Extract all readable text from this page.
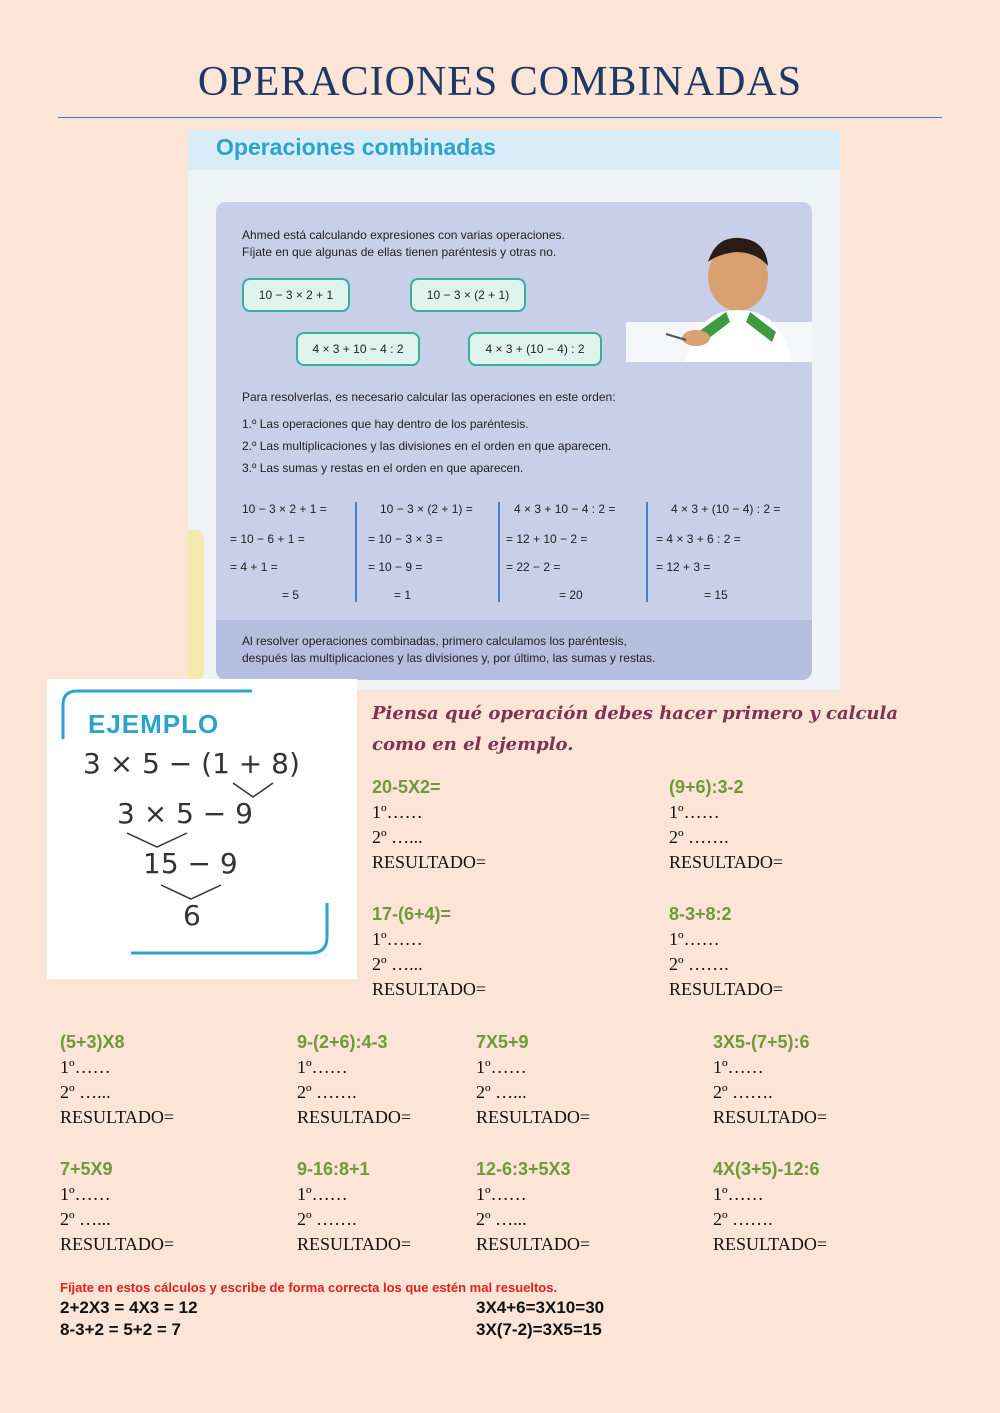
OPERACIONES COMBINADAS
Operaciones combinadas
Ahmed está calculando expresiones con varias operaciones.
Fíjate en que algunas de ellas tienen paréntesis y otras no.
10 − 3 × 2 + 1	10 − 3 × (2 + 1)
4 × 3 + 10 − 4 : 2	4 × 3 + (10 − 4) : 2
Para resolverlas, es necesario calcular las operaciones en este orden:
1.º Las operaciones que hay dentro de los paréntesis.
2.º Las multiplicaciones y las divisiones en el orden en que aparecen.
3.º Las sumas y restas en el orden en que aparecen.
10 − 3 × 2 + 1 =
= 10 − 6 + 1 =
= 4 + 1 =
= 5
10 − 3 × (2 + 1) =
= 10 − 3 × 3 =
= 10 − 9 =
= 1
4 × 3 + 10 − 4 : 2 =
= 12 + 10 − 2 =
= 22 − 2 =
= 20
4 × 3 + (10 − 4) : 2 =
= 4 × 3 + 6 : 2 =
= 12 + 3 =
= 15
Al resolver operaciones combinadas, primero calculamos los paréntesis,
después las multiplicaciones y las divisiones y, por último, las sumas y restas.
EJEMPLO
3 × 5 − (1 + 8)
3 × 5 − 9
15 − 9
6
Piensa qué operación debes hacer primero y calcula como en el ejemplo.
20-5X2=
1º……
2º …...
RESULTADO=
(9+6):3-2
1º……
2º …….
RESULTADO=
17-(6+4)=
1º……
2º …...
RESULTADO=
8-3+8:2
1º……
2º …….
RESULTADO=
(5+3)X8
1º……
2º …...
RESULTADO=
9-(2+6):4-3
1º……
2º …….
RESULTADO=
7X5+9
1º……
2º …...
RESULTADO=
3X5-(7+5):6
1º……
2º …….
RESULTADO=
7+5X9
1º……
2º …...
RESULTADO=
9-16:8+1
1º……
2º …….
RESULTADO=
12-6:3+5X3
1º……
2º …...
RESULTADO=
4X(3+5)-12:6
1º……
2º …….
RESULTADO=
Fíjate en estos cálculos y escribe de forma correcta los que estén mal resueltos.
2+2X3 = 4X3 = 12	3X4+6=3X10=30
8-3+2 = 5+2 = 7	3X(7-2)=3X5=15
